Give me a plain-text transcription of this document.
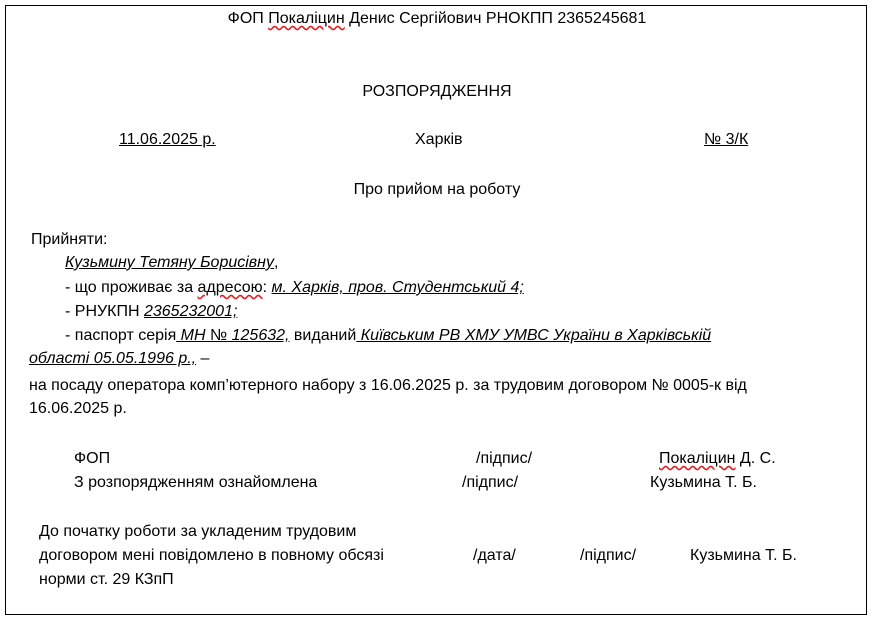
ФОП Покаліцин Денис Сергійович РНОКПП 2365245681
РОЗПОРЯДЖЕННЯ
11.06.2025 р.	Харків	№ 3/К
Про прийом на роботу
Прийняти:
Кузьмину Тетяну Борисівну,
- що проживає за адресою: м. Харків, пров. Студентський 4;
- РНУКПН 2365232001;
- паспорт серія МН № 125632, виданий Київським РВ ХМУ УМВС України в Харківській
області 05.05.1996 р., –
на посаду оператора комп’ютерного набору з 16.06.2025 р. за трудовим договором № 0005-к від
16.06.2025 р.
ФОП	/підпис/	Покаліцин Д. С.
З розпорядженням ознайомлена	/підпис/	Кузьмина Т. Б.
До початку роботи за укладеним трудовим
договором мені повідомлено в повному обсязі
норми ст. 29 КЗпП
/дата/	/підпис/	Кузьмина Т. Б.
